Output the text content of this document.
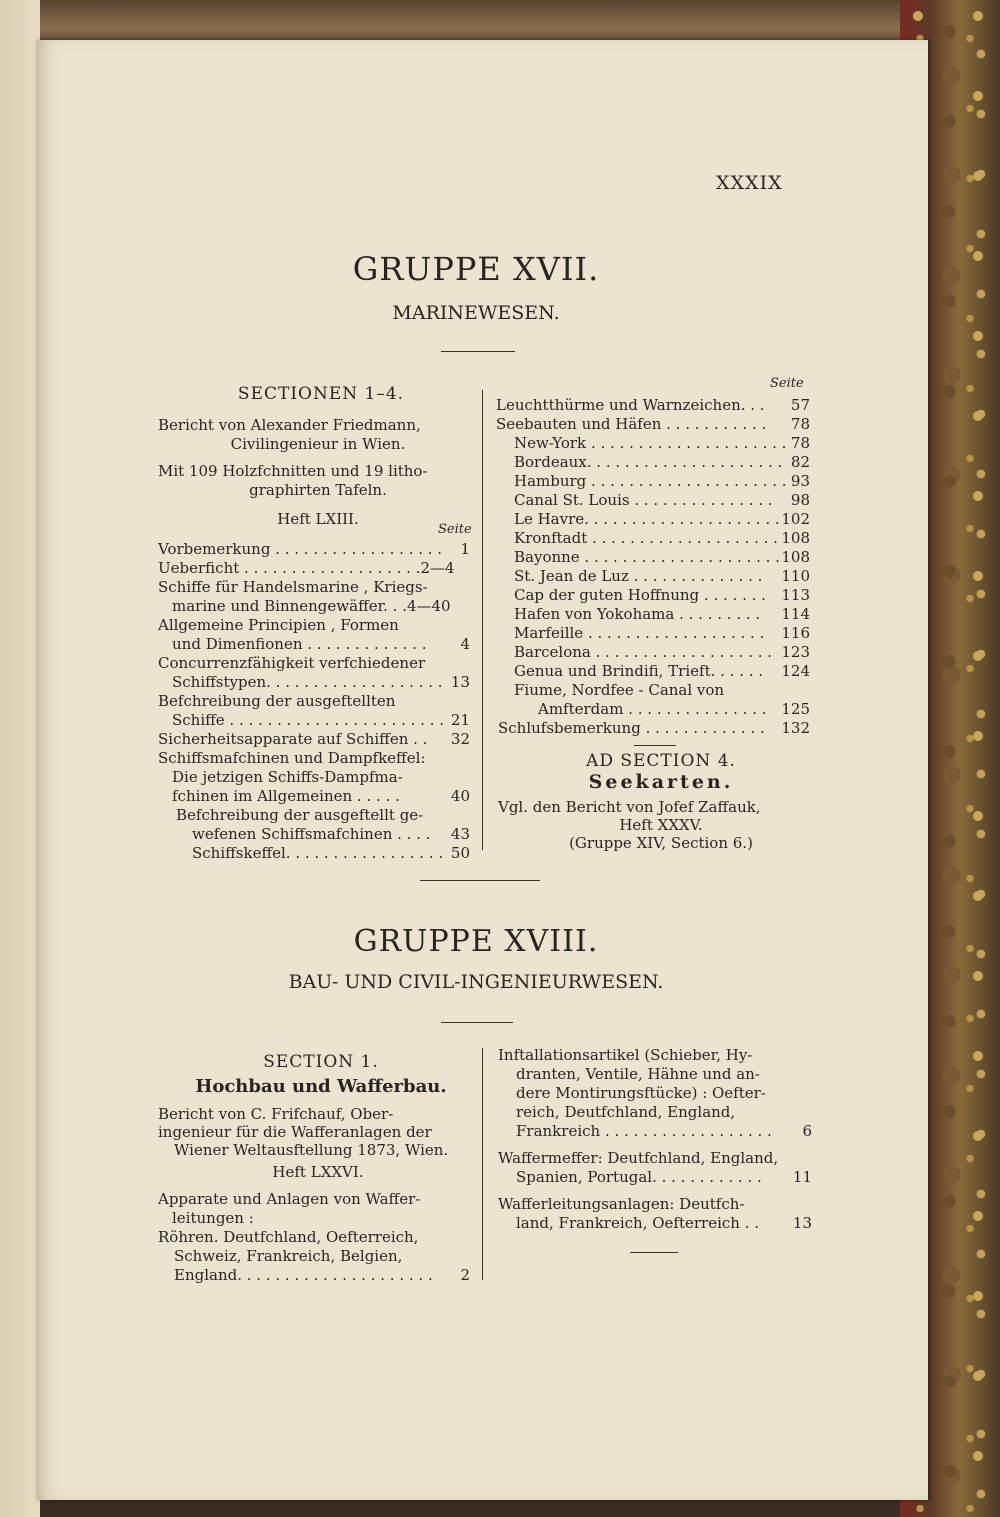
XXXIX
GRUPPE XVII.
MARINEWESEN.
SECTIONEN 1–4.
Bericht von Alexander Friedmann,
Civilingenieur in Wien.
Mit 109 Holzfchnitten und 19 litho-
graphirten Tafeln.
Heft LXIII.
Seite
Vorbemerkung . . . . . . . . . . . . . . . . . .	1
Ueberficht . . . . . . . . . . . . . . . . . . .2—4
Schiffe für Handelsmarine , Kriegs-
marine und Binnengewäffer. . .4—40
Allgemeine Principien , Formen
und Dimenfionen . . . . . . . . . . . . .	4
Concurrenzfähigkeit verfchiedener
Schiffstypen. . . . . . . . . . . . . . . . . . . 13
Befchreibung der ausgeftellten
Schiffe . . . . . . . . . . . . . . . . . . . . . . . 21
Sicherheitsapparate auf Schiffen . .	32
Schiffsmafchinen und Dampfkeffel:
Die jetzigen Schiffs-Dampfma-
fchinen im Allgemeinen . . . . .	40
Befchreibung der ausgeftellt ge-
wefenen Schiffsmafchinen . . . .	43
Schiffskeffel. . . . . . . . . . . . . . . . . 50
Seite
Leuchtthürme und Warnzeichen. . .	57
Seebauten und Häfen . . . . . . . . . . .	78
New-York . . . . . . . . . . . . . . . . . . . . . 78
Bordeaux. . . . . . . . . . . . . . . . . . . . . 82
Hamburg . . . . . . . . . . . . . . . . . . . . . 93
Canal St. Louis . . . . . . . . . . . . . . .	98
Le Havre. . . . . . . . . . . . . . . . . . . . . 102
Kronftadt . . . . . . . . . . . . . . . . . . . . 108
Bayonne . . . . . . . . . . . . . . . . . . . . . 108
St. Jean de Luz . . . . . . . . . . . . . .	110
Cap der guten Hoffnung . . . . . . .	113
Hafen von Yokohama . . . . . . . . .	114
Marfeille . . . . . . . . . . . . . . . . . . .	116
Barcelona . . . . . . . . . . . . . . . . . . . 123
Genua und Brindifi, Trieft. . . . . .	124
Fiume, Nordfee - Canal von
Amfterdam . . . . . . . . . . . . . . . 125
Schlufsbemerkung . . . . . . . . . . . . .	132
AD SECTION 4.
Seekarten.
Vgl. den Bericht von Jofef Zaffauk,
Heft XXXV.
(Gruppe XIV, Section 6.)
GRUPPE XVIII.
BAU- UND CIVIL-INGENIEURWESEN.
SECTION 1.
Hochbau und Wafferbau.
Bericht von C. Frifchauf, Ober-
ingenieur für die Wafferanlagen der
Wiener Weltausftellung 1873, Wien.
Heft LXXVI.
Apparate und Anlagen von Waffer-
leitungen :
Röhren. Deutfchland, Oefterreich,
Schweiz, Frankreich, Belgien,
England. . . . . . . . . . . . . . . . . . . . .	2
Inftallationsartikel (Schieber, Hy-
dranten, Ventile, Hähne und an-
dere Montirungsftücke) : Oefter-
reich, Deutfchland, England,
Frankreich . . . . . . . . . . . . . . . . . .	6
Waffermeffer: Deutfchland, England,
Spanien, Portugal. . . . . . . . . . . .	11
Wafferleitungsanlagen: Deutfch-
land, Frankreich, Oefterreich . .	13
